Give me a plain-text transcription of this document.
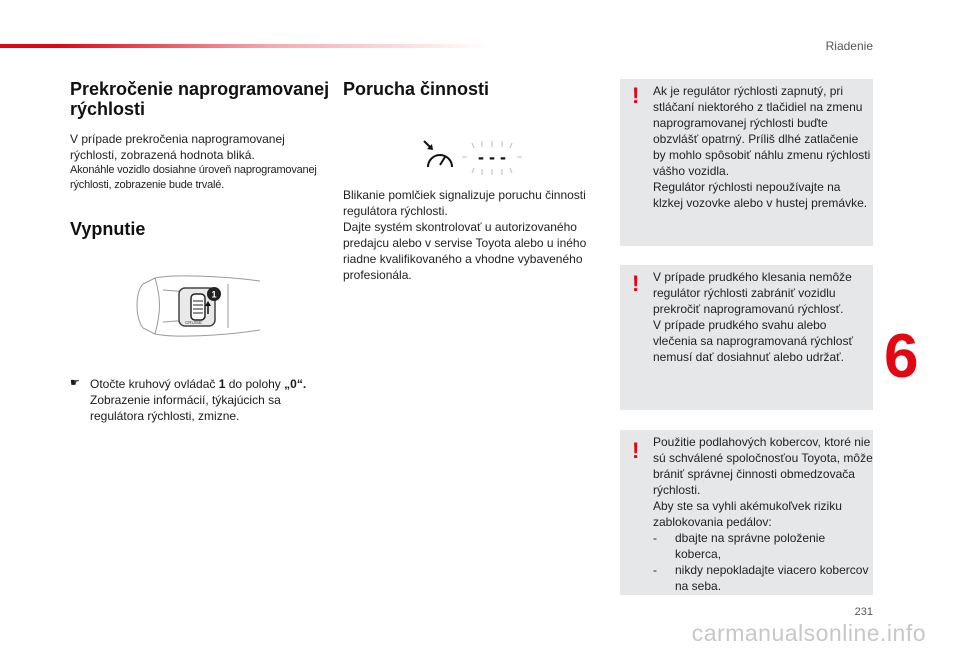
Riadenie
6
231
carmanualsonline.info
Prekročenie naprogramovanej rýchlosti

V prípade prekročenia naprogramovanej rýchlosti, zobrazená hodnota bliká.

Akonáhle vozidlo dosiahne úroveň naprogramovanej rýchlosti, zobrazenie bude trvalé.

Vypnutie
1
CRUISE
☛ Otočte kruhový ovládač 1 do polohy „0“.
Zobrazenie informácií, týkajúcich sa regulátora rýchlosti, zmizne.
Porucha činnosti
- - -

Blikanie pomlčiek signalizuje poruchu činnosti regulátora rýchlosti.

Dajte systém skontrolovať u autorizovaného predajcu alebo v servise Toyota alebo u iného riadne kvalifikovaného a vhodne vybaveného profesionála.

! Ak je regulátor rýchlosti zapnutý, pri stláčaní niektorého z tlačidiel na zmenu naprogramovanej rýchlosti buďte obzvlášť opatrný. Príliš dlhé zatlačenie by mohlo spôsobiť náhlu zmenu rýchlosti vášho vozidla.
Regulátor rýchlosti nepoužívajte na klzkej vozovke alebo v hustej premávke.
! V prípade prudkého klesania nemôže regulátor rýchlosti zabrániť vozidlu prekročiť naprogramovanú rýchlosť.
V prípade prudkého svahu alebo vlečenia sa naprogramovaná rýchlosť nemusí dať dosiahnuť alebo udržať.
! Použitie podlahových kobercov, ktoré nie sú schválené spoločnosťou Toyota, môže brániť správnej činnosti obmedzovača rýchlosti.
Aby ste sa vyhli akémukoľvek riziku zablokovania pedálov:
- dbajte na správne položenie koberca,
- nikdy nepokladajte viacero kobercov na seba.
